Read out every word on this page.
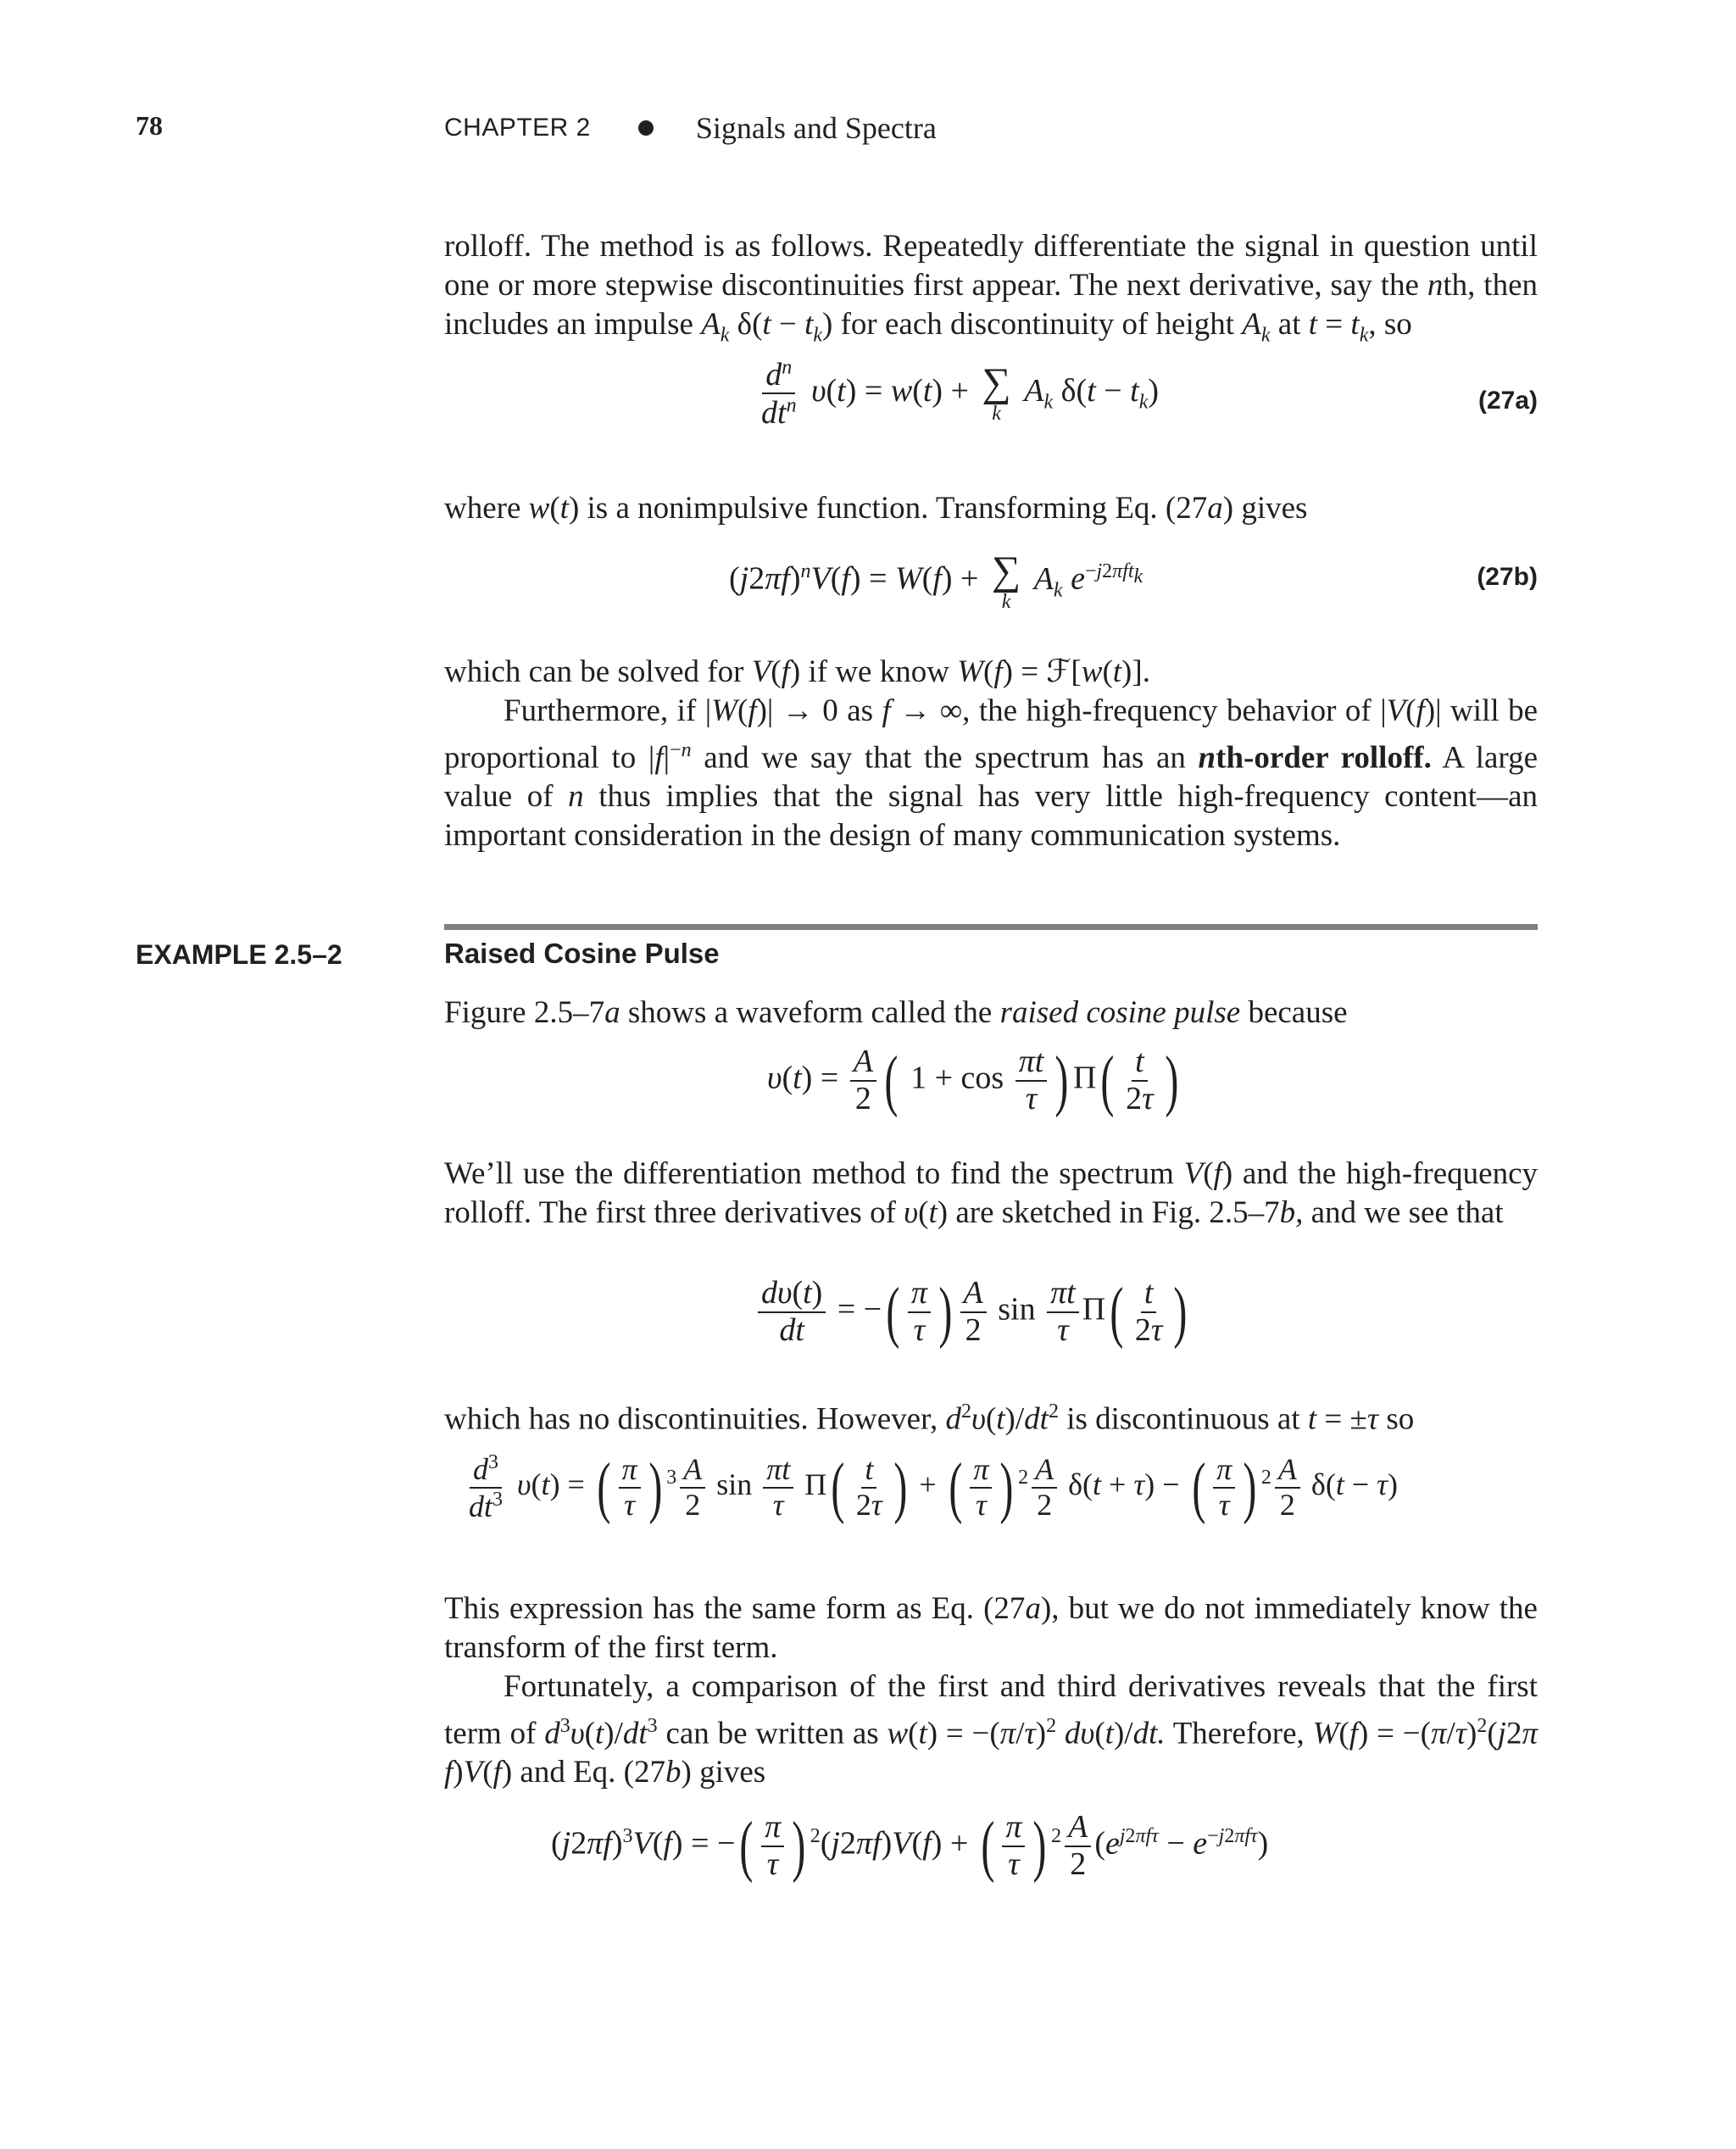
78	CHAPTER 2	Signals and Spectra

rolloff. The method is as follows. Repeatedly differentiate the signal in question until one or more stepwise discontinuities first appear. The next derivative, say the nth, then includes an impulse $A_k$ $\delta(t - t_k)$ for each discontinuity of height $A_k$ at $t = t_k$, so

$\frac{d^n}{dt^n} \upsilon(t) = w(t)$ + ∑
k
$A_k$ $\delta(t - t_k)$	(27a)

where w(t) is a nonimpulsive function. Transforming Eq. (27a) gives

$(j2\pi f)^nV(f) = W(f)$ + ∑
k
$A_k$ $e^{-j2\pi ft_k}$	(27b)

which can be solved for V(f) if we know W(f) = ℱ[w(t)].

Furthermore, if |W(f)| → 0 as f → ∞, the high-frequency behavior of |V(f)| will be proportional to $|f|^{-n}$ and we say that the spectrum has an nth-order rolloff. A large value of n thus implies that the signal has very little high-frequency content—an important consideration in the design of many communication systems.

EXAMPLE 2.5–2	Raised Cosine Pulse

Figure 2.5–7a shows a waveform called the raised cosine pulse because

$\upsilon(t) = \frac{A}{2}$ ( $1 + \cos \frac{\pi t}{\tau}$ ) $\Pi( \frac{t}{2\tau}$ )

We’ll use the differentiation method to find the spectrum V(f) and the high-frequency rolloff. The first three derivatives of υ(t) are sketched in Fig. 2.5–7b, and we see that

$\frac{d\upsilon(t)}{dt}$ = −( $\frac{\pi}{\tau}$ ) $\frac{A}{2}$ $\sin \frac{\pi t}{\tau} \Pi( \frac{t}{2\tau}$ )

which has no discontinuities. However, $d^2\upsilon(t)/dt^2$ is discontinuous at t = ±τ so

$\frac{d^3}{dt^3} \upsilon(t)$ = ( $\frac{\pi}{\tau}$ ) $^3 \frac{A}{2}$ $\sin \frac{\pi t}{\tau} \Pi( \frac{t}{2\tau}$ ) + ( $\frac{\pi}{\tau}$ ) $^2 \frac{A}{2} \delta(t + \tau)$ − ( $\frac{\pi}{\tau}$ ) $^2 \frac{A}{2} \delta(t - \tau)$

This expression has the same form as Eq. (27a), but we do not immediately know the transform of the first term.

Fortunately, a comparison of the first and third derivatives reveals that the first term of $d^3\upsilon(t)/dt^3$ can be written as $w(t) = -(\pi/\tau)^2$ dυ(t)/dt. Therefore, $W(f) = -(\pi/\tau)^2(j2\pi$ f)V(f) and Eq. (27b) gives

$(j2\pi f)^3V(f)$ = −( $\frac{\pi}{\tau}$ ) $^2$(j2πf)V(f) + ( $\frac{\pi}{\tau}$ ) $^2 \frac{A}{2} (e^{j2\pi f\tau} - e^{-j2\pi f\tau})$
